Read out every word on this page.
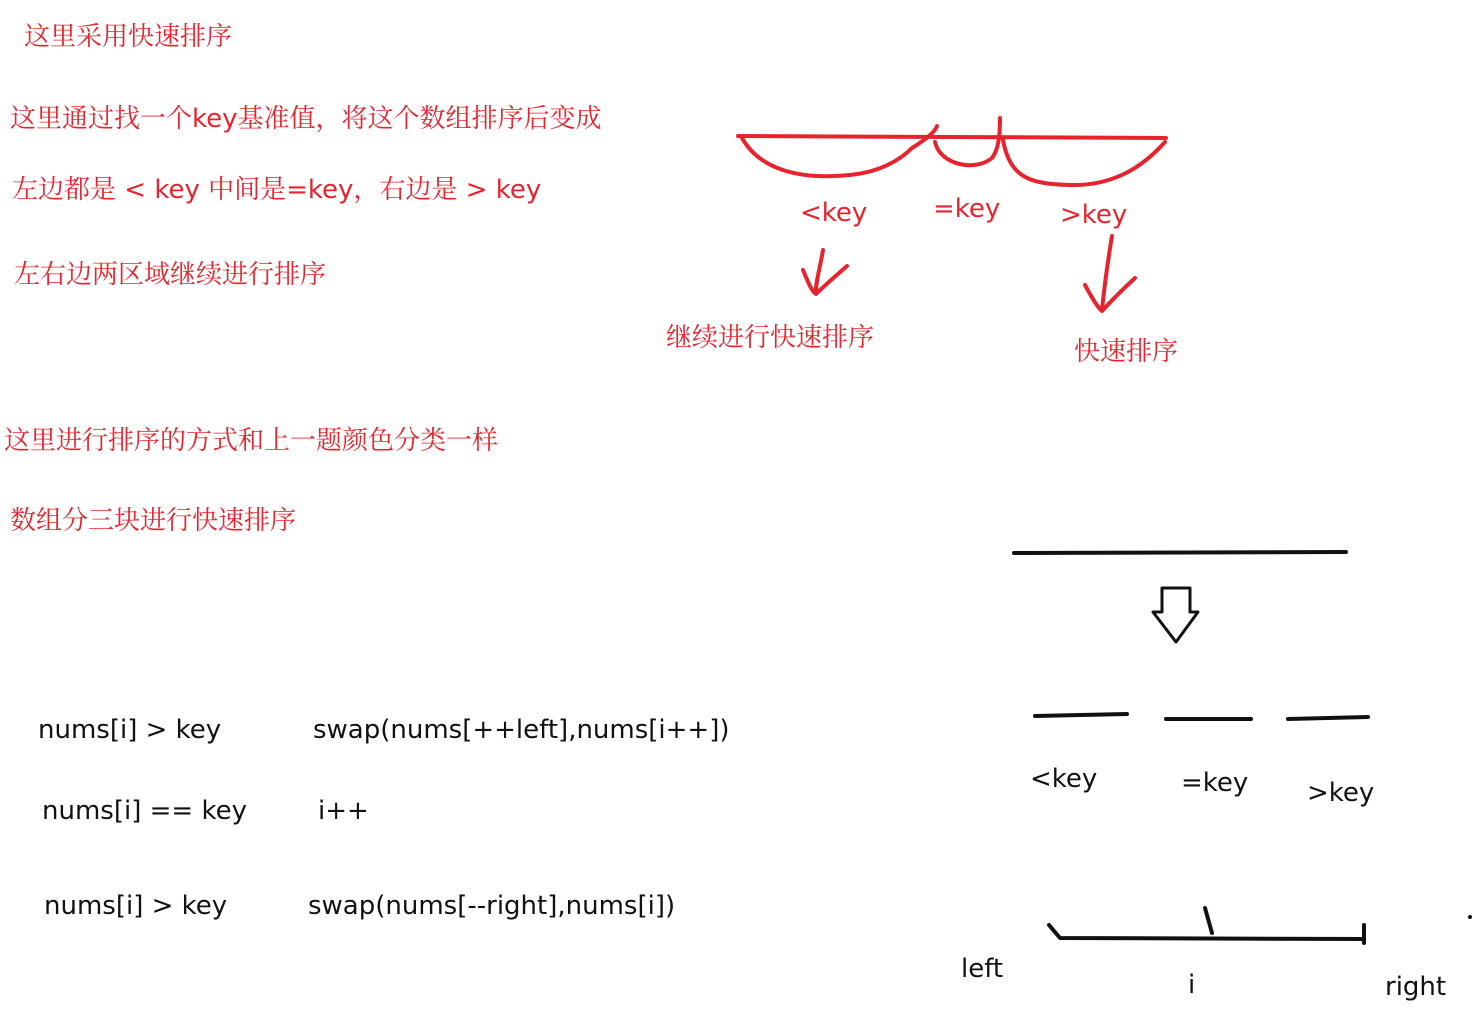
这里采用快速排序
这里通过找一个key基准值，将这个数组排序后变成
左边都是 < key 中间是=key，右边是 > key
左右边两区域继续进行排序
这里进行排序的方式和上一题颜色分类一样
数组分三块进行快速排序
<key	=key >key
继续进行快速排序	快速排序
nums[i] > key	swap(nums[++left],nums[i++])
nums[i] == key	i++
nums[i] > key	swap(nums[--right],nums[i])
<key	=key >key
left
i	right
